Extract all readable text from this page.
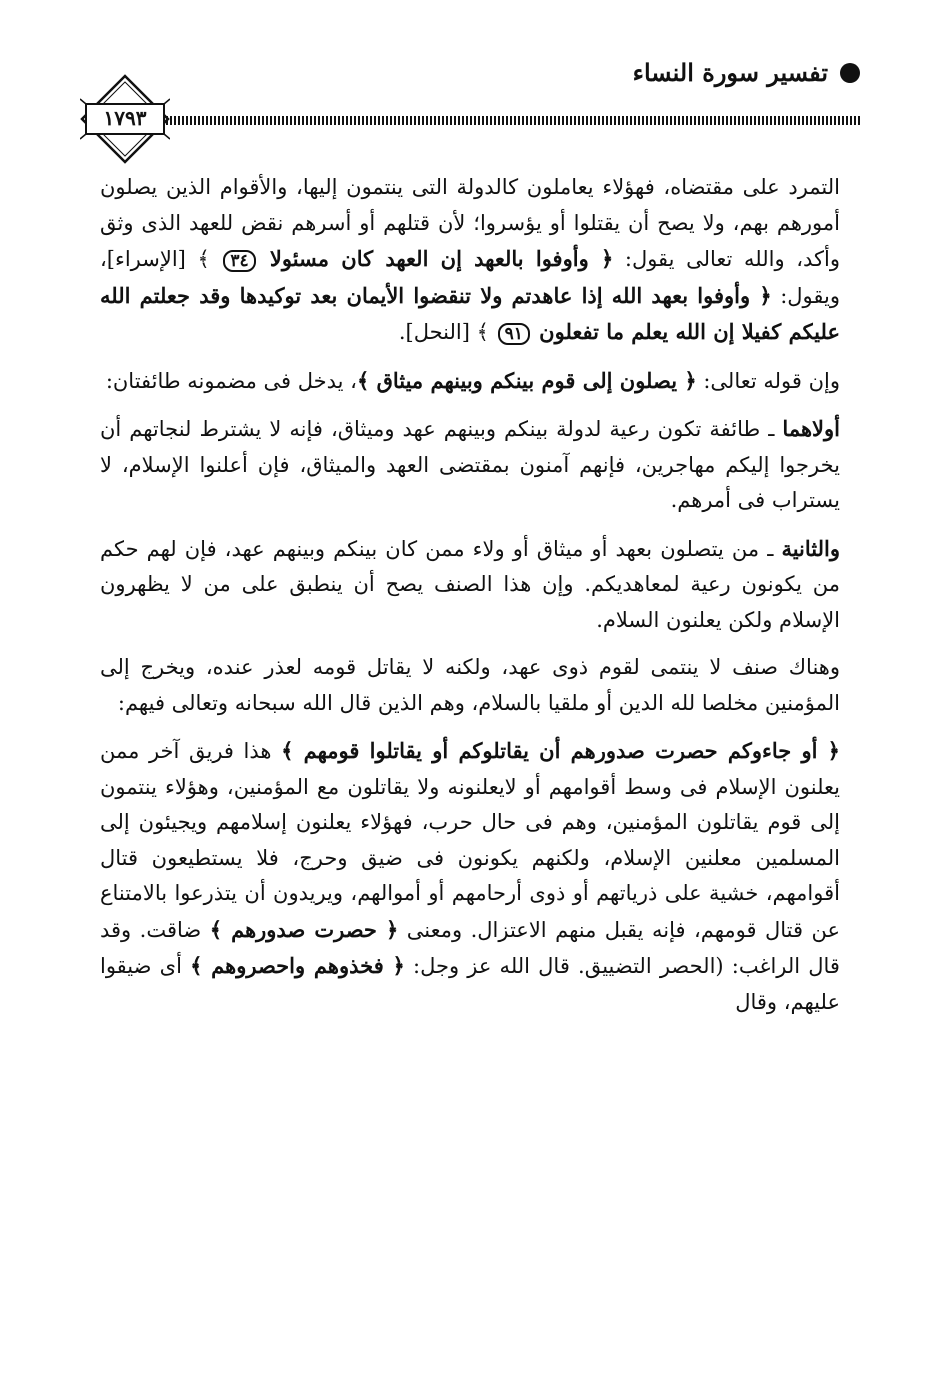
تفسير سورة النساء
١٧٩٣

التمرد على مقتضاه، فهؤلاء يعاملون كالدولة التى ينتمون إليها، والأقوام الذين يصلون أمورهم بهم، ولا يصح أن يقتلوا أو يؤسروا؛ لأن قتلهم أو أسرهم نقض للعهد الذى وثق وأكد، والله تعالى يقول: ﴿ وأوفوا بالعهد إن العهد كان مسئولا ٣٤ ﴾ [الإسراء]، ويقول: ﴿ وأوفوا بعهد الله إذا عاهدتم ولا تنقضوا الأيمان بعد توكيدها وقد جعلتم الله عليكم كفيلا إن الله يعلم ما تفعلون ٩١ ﴾ [النحل].

وإن قوله تعالى: ﴿ يصلون إلى قوم بينكم وبينهم ميثاق ﴾، يدخل فى مضمونه طائفتان:

أولاهما ـ طائفة تكون رعية لدولة بينكم وبينهم عهد وميثاق، فإنه لا يشترط لنجاتهم أن يخرجوا إليكم مهاجرين، فإنهم آمنون بمقتضى العهد والميثاق، فإن أعلنوا الإسلام، لا يستراب فى أمرهم.

والثانية ـ من يتصلون بعهد أو ميثاق أو ولاء ممن كان بينكم وبينهم عهد، فإن لهم حكم من يكونون رعية لمعاهديكم. وإن هذا الصنف يصح أن ينطبق على من لا يظهرون الإسلام ولكن يعلنون السلام.

وهناك صنف لا ينتمى لقوم ذوى عهد، ولكنه لا يقاتل قومه لعذر عنده، ويخرج إلى المؤمنين مخلصا لله الدين أو ملقيا بالسلام، وهم الذين قال الله سبحانه وتعالى فيهم:

﴿ أو جاءوكم حصرت صدورهم أن يقاتلوكم أو يقاتلوا قومهم ﴾ هذا فريق آخر ممن يعلنون الإسلام فى وسط أقوامهم أو لايعلنونه ولا يقاتلون مع المؤمنين، وهؤلاء ينتمون إلى قوم يقاتلون المؤمنين، وهم فى حال حرب، فهؤلاء يعلنون إسلامهم ويجيئون إلى المسلمين معلنين الإسلام، ولكنهم يكونون فى ضيق وحرج، فلا يستطيعون قتال أقوامهم، خشية على ذرياتهم أو ذوى أرحامهم أو أموالهم، ويريدون أن يتذرعوا بالامتناع عن قتال قومهم، فإنه يقبل منهم الاعتزال. ومعنى ﴿ حصرت صدورهم ﴾ ضاقت. وقد قال الراغب: (الحصر التضييق. قال الله عز وجل: ﴿ فخذوهم واحصروهم ﴾ أى ضيقوا عليهم، وقال
